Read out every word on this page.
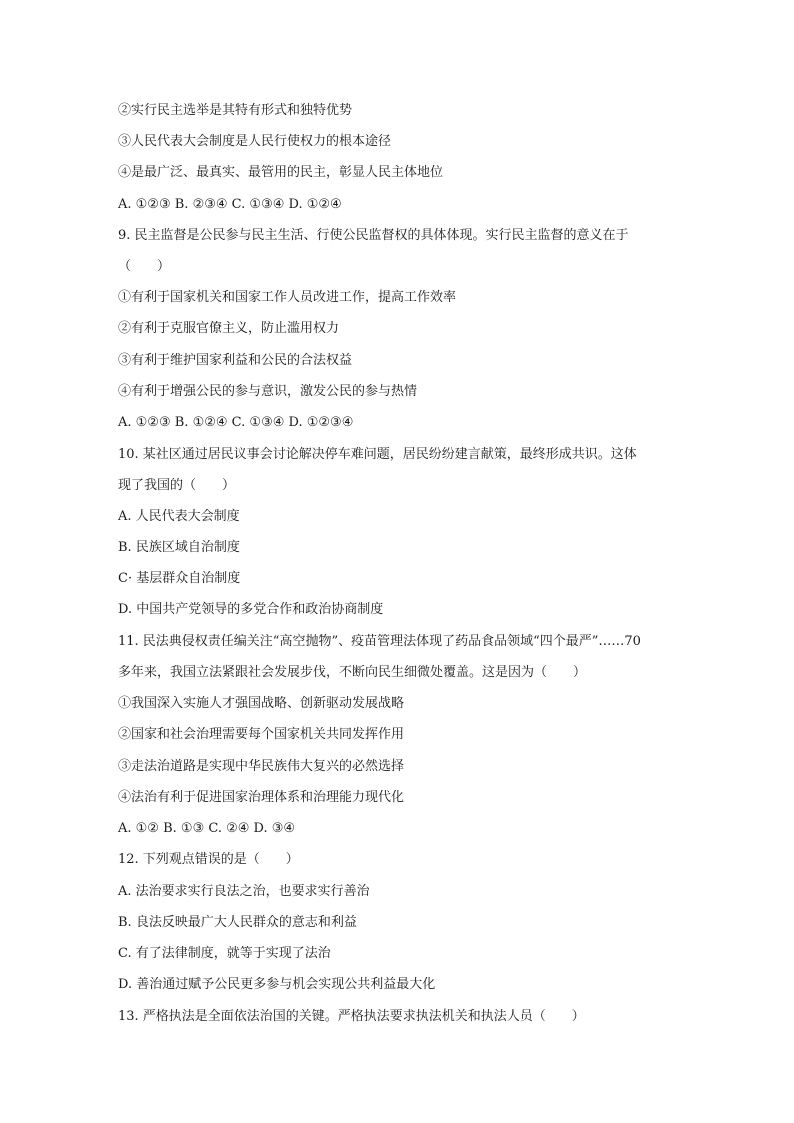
②实行民主选举是其特有形式和独特优势
③人民代表大会制度是人民行使权力的根本途径
④是最广泛、最真实、最管用的民主，彰显人民主体地位
A. ①②③ B. ②③④ C. ①③④ D. ①②④
9. 民主监督是公民参与民主生活、行使公民监督权的具体体现。实行民主监督的意义在于
（　　）
①有利于国家机关和国家工作人员改进工作，提高工作效率
②有利于克服官僚主义，防止滥用权力
③有利于维护国家利益和公民的合法权益
④有利于增强公民的参与意识，激发公民的参与热情
A. ①②③ B. ①②④ C. ①③④ D. ①②③④
10. 某社区通过居民议事会讨论解决停车难问题，居民纷纷建言献策，最终形成共识。这体
现了我国的（　　）
A. 人民代表大会制度
B. 民族区域自治制度
C· 基层群众自治制度
D. 中国共产党领导的多党合作和政治协商制度
11. 民法典侵权责任编关注“高空抛物”、疫苗管理法体现了药品食品领域“四个最严”……70
多年来，我国立法紧跟社会发展步伐，不断向民生细微处覆盖。这是因为（　　）
①我国深入实施人才强国战略、创新驱动发展战略
②国家和社会治理需要每个国家机关共同发挥作用
③走法治道路是实现中华民族伟大复兴的必然选择
④法治有利于促进国家治理体系和治理能力现代化
A. ①② B. ①③ C. ②④ D. ③④
12. 下列观点错误的是（　　）
A. 法治要求实行良法之治，也要求实行善治
B. 良法反映最广大人民群众的意志和利益
C. 有了法律制度，就等于实现了法治
D. 善治通过赋予公民更多参与机会实现公共利益最大化
13. 严格执法是全面依法治国的关键。严格执法要求执法机关和执法人员（　　）
